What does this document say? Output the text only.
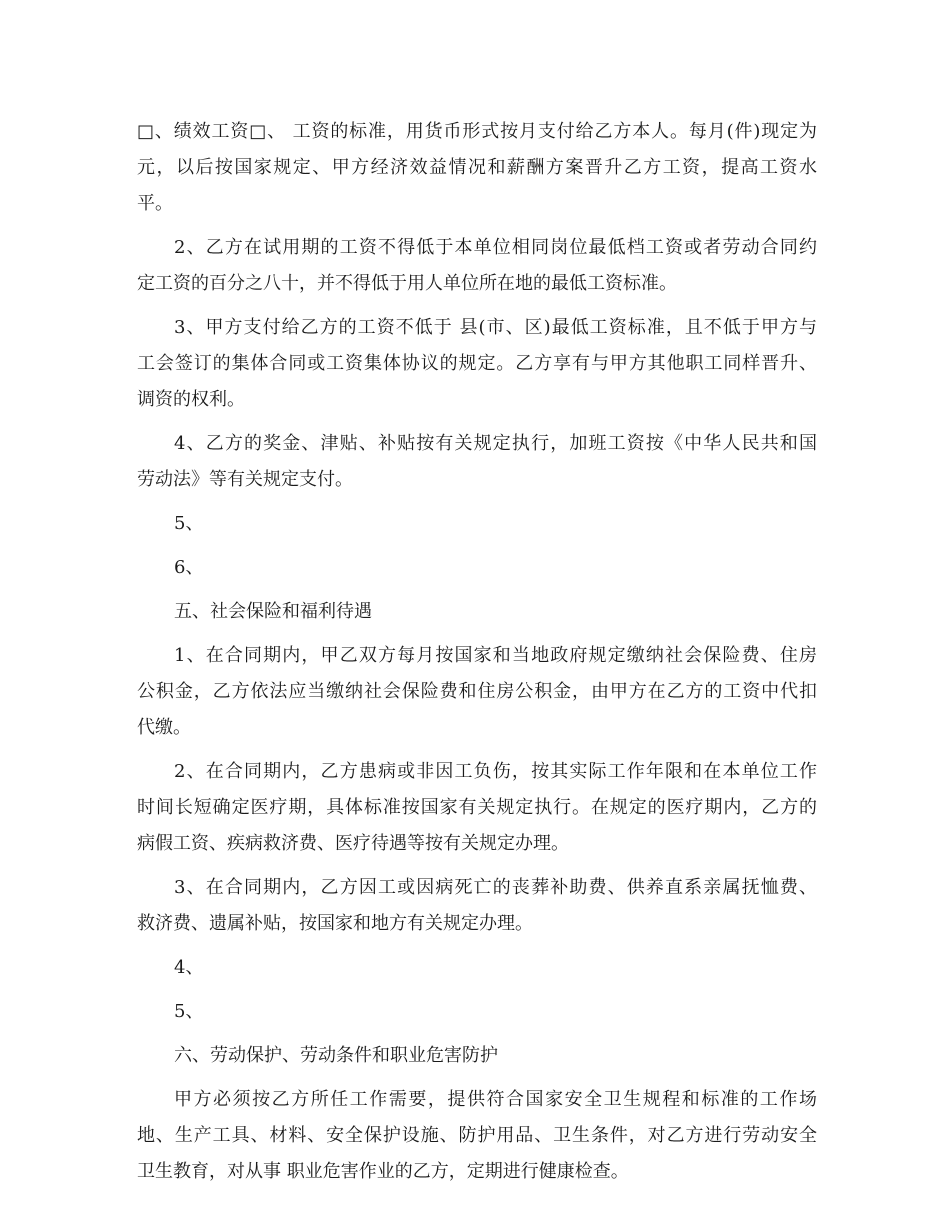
□、绩效工资□、 工资的标准，用货币形式按月支付给乙方本人。每月(件)现定为
元，以后按国家规定、甲方经济效益情况和薪酬方案晋升乙方工资，提高工资水
平。

2、乙方在试用期的工资不得低于本单位相同岗位最低档工资或者劳动合同约
定工资的百分之八十，并不得低于用人单位所在地的最低工资标准。

3、甲方支付给乙方的工资不低于 县(市、区)最低工资标准，且不低于甲方与
工会签订的集体合同或工资集体协议的规定。乙方享有与甲方其他职工同样晋升、
调资的权利。

4、乙方的奖金、津贴、补贴按有关规定执行，加班工资按《中华人民共和国
劳动法》等有关规定支付。

5、

6、

五、社会保险和福利待遇

1、在合同期内，甲乙双方每月按国家和当地政府规定缴纳社会保险费、住房
公积金，乙方依法应当缴纳社会保险费和住房公积金，由甲方在乙方的工资中代扣
代缴。

2、在合同期内，乙方患病或非因工负伤，按其实际工作年限和在本单位工作
时间长短确定医疗期，具体标准按国家有关规定执行。在规定的医疗期内，乙方的
病假工资、疾病救济费、医疗待遇等按有关规定办理。

3、在合同期内，乙方因工或因病死亡的丧葬补助费、供养直系亲属抚恤费、
救济费、遗属补贴，按国家和地方有关规定办理。

4、

5、

六、劳动保护、劳动条件和职业危害防护

甲方必须按乙方所任工作需要，提供符合国家安全卫生规程和标准的工作场
地、生产工具、材料、安全保护设施、防护用品、卫生条件，对乙方进行劳动安全
卫生教育，对从事 职业危害作业的乙方，定期进行健康检查。
